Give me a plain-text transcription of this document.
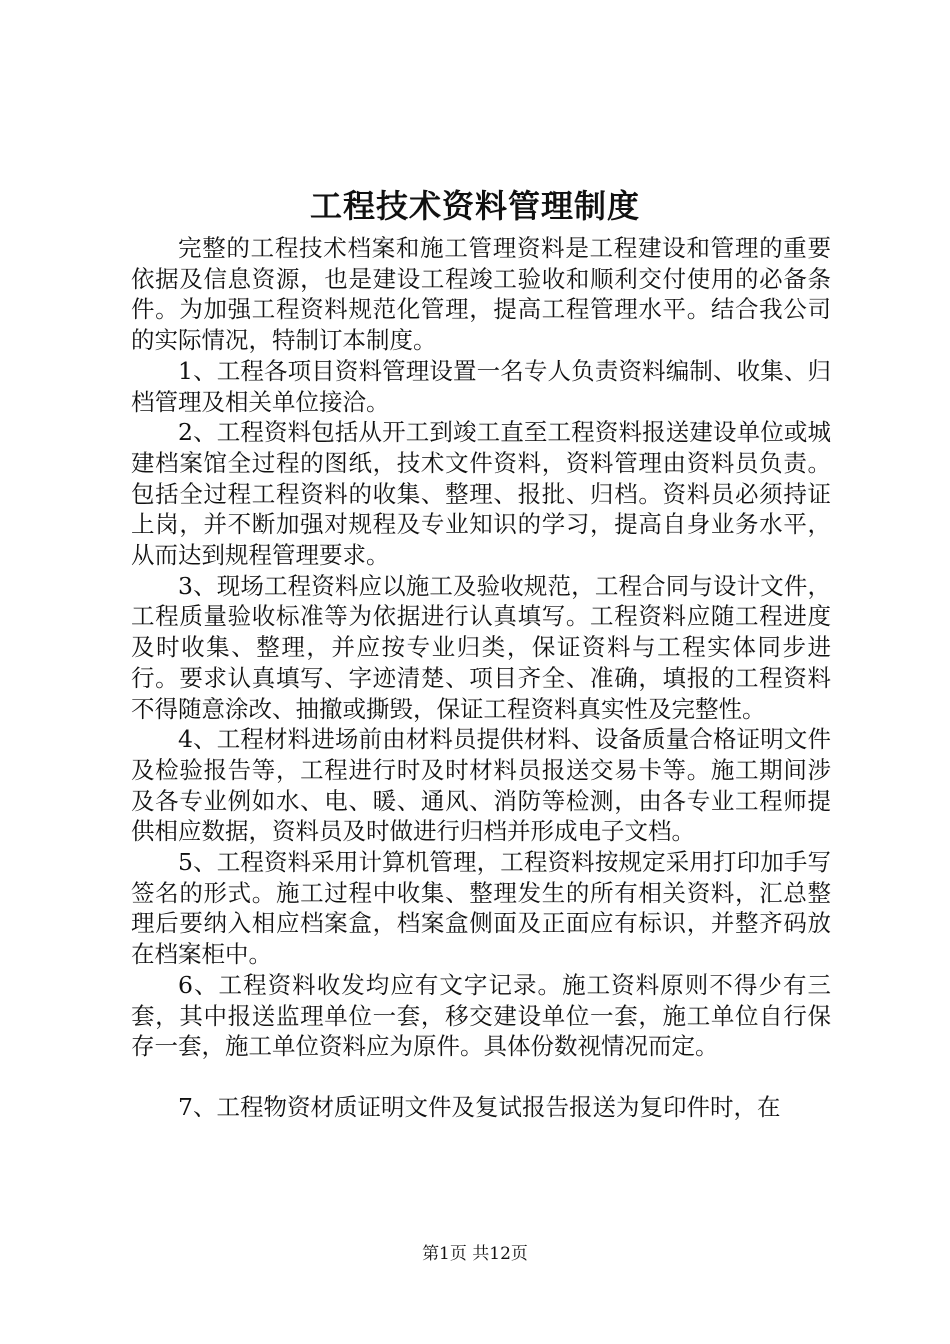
工程技术资料管理制度

完整的工程技术档案和施工管理资料是工程建设和管理的重要依据及信息资源，也是建设工程竣工验收和顺利交付使用的必备条件。为加强工程资料规范化管理，提高工程管理水平。结合我公司的实际情况，特制订本制度。

1、工程各项目资料管理设置一名专人负责资料编制、收集、归档管理及相关单位接洽。

2、工程资料包括从开工到竣工直至工程资料报送建设单位或城建档案馆全过程的图纸，技术文件资料，资料管理由资料员负责。包括全过程工程资料的收集、整理、报批、归档。资料员必须持证上岗，并不断加强对规程及专业知识的学习，提高自身业务水平，从而达到规程管理要求。

3、现场工程资料应以施工及验收规范，工程合同与设计文件，工程质量验收标准等为依据进行认真填写。工程资料应随工程进度及时收集、整理，并应按专业归类，保证资料与工程实体同步进行。要求认真填写、字迹清楚、项目齐全、准确，填报的工程资料不得随意涂改、抽撤或撕毁，保证工程资料真实性及完整性。

4、工程材料进场前由材料员提供材料、设备质量合格证明文件及检验报告等，工程进行时及时材料员报送交易卡等。施工期间涉及各专业例如水、电、暖、通风、消防等检测，由各专业工程师提供相应数据，资料员及时做进行归档并形成电子文档。

5、工程资料采用计算机管理，工程资料按规定采用打印加手写签名的形式。施工过程中收集、整理发生的所有相关资料，汇总整理后要纳入相应档案盒，档案盒侧面及正面应有标识，并整齐码放在档案柜中。

6、工程资料收发均应有文字记录。施工资料原则不得少有三套，其中报送监理单位一套，移交建设单位一套，施工单位自行保存一套，施工单位资料应为原件。具体份数视情况而定。

7、工程物资材质证明文件及复试报告报送为复印件时，在

第1页 共12页
